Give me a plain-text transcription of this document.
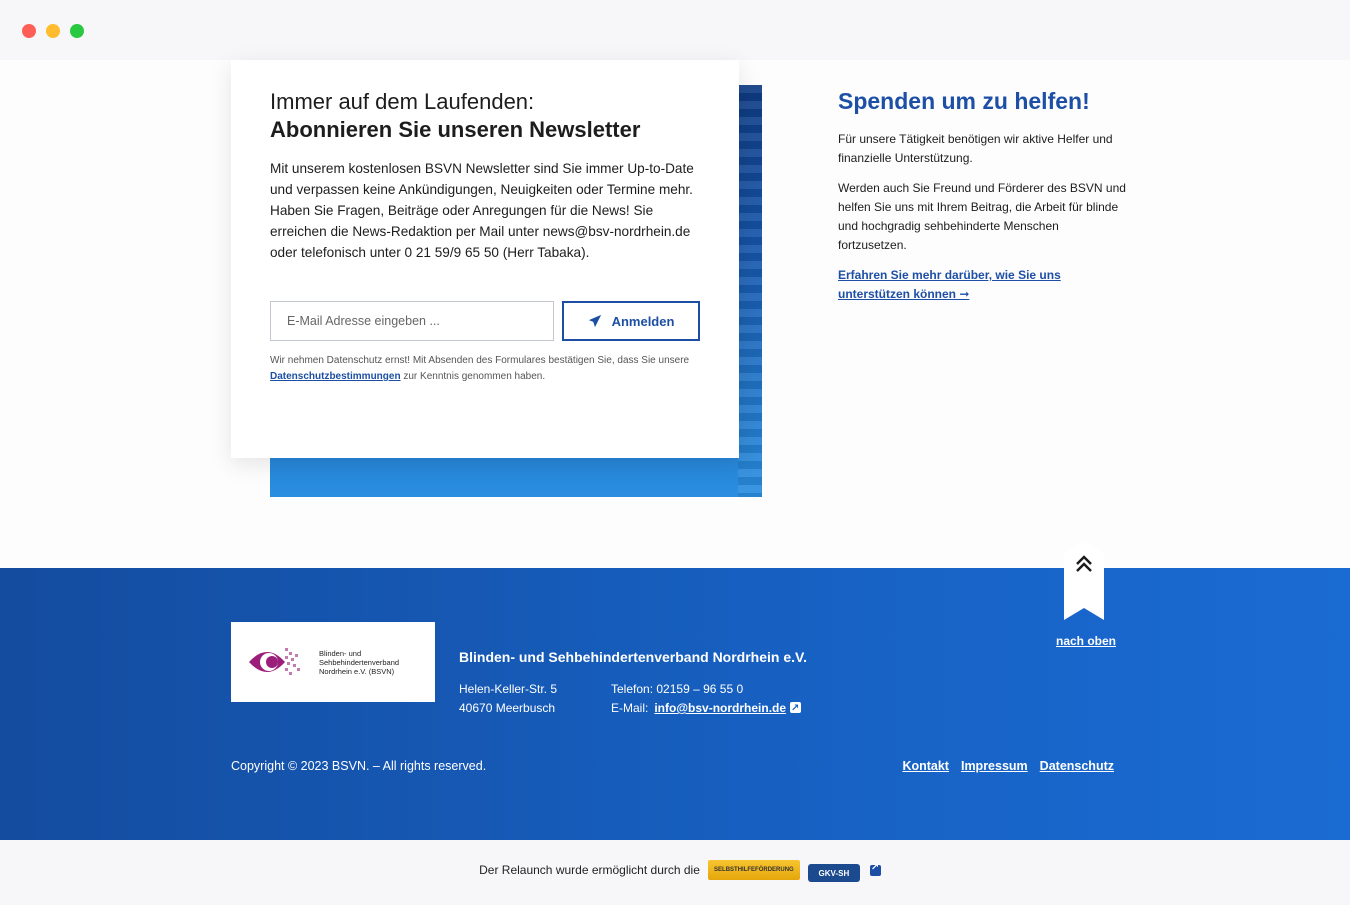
Immer auf dem Laufenden:
Abonnieren Sie unseren Newsletter

Mit unserem kostenlosen BSVN Newsletter sind Sie immer Up-to-Date und verpassen keine Ankündigungen, Neuigkeiten oder Termine mehr. Haben Sie Fragen, Beiträge oder Anregungen für die News! Sie erreichen die News-Redaktion per Mail unter news@bsv-nordrhein.de oder telefonisch unter 0 21 59/9 65 50 (Herr Tabaka).

E-Mail Adresse eingeben ...
Anmelden

Wir nehmen Datenschutz ernst! Mit Absenden des Formulares bestätigen Sie, dass Sie unsere Datenschutzbestimmungen zur Kenntnis genommen haben.

Spenden um zu helfen!

Für unsere Tätigkeit benötigen wir aktive Helfer und finanzielle Unterstützung.

Werden auch Sie Freund und Förderer des BSVN und helfen Sie uns mit Ihrem Beitrag, die Arbeit für blinde und hochgradig sehbehinderte Menschen fortzusetzen.

Erfahren Sie mehr darüber, wie Sie uns unterstützen können ➞
nach oben
Blinden- und Sehbehindertenverband Nordrhein e.V. (BSVN)
Blinden- und Sehbehindertenverband Nordrhein e.V.
Helen-Keller-Str. 5
40670 Meerbusch
Telefon: 02159 – 96 55 0
E-Mail: info@bsv-nordrhein.de↗
Copyright © 2023 BSVN. – All rights reserved.	Kontakt Impressum Datenschutz
Der Relaunch wurde ermöglicht durch die	SELBSTHILFEFÖRDERUNG	GKV-SH
↗
